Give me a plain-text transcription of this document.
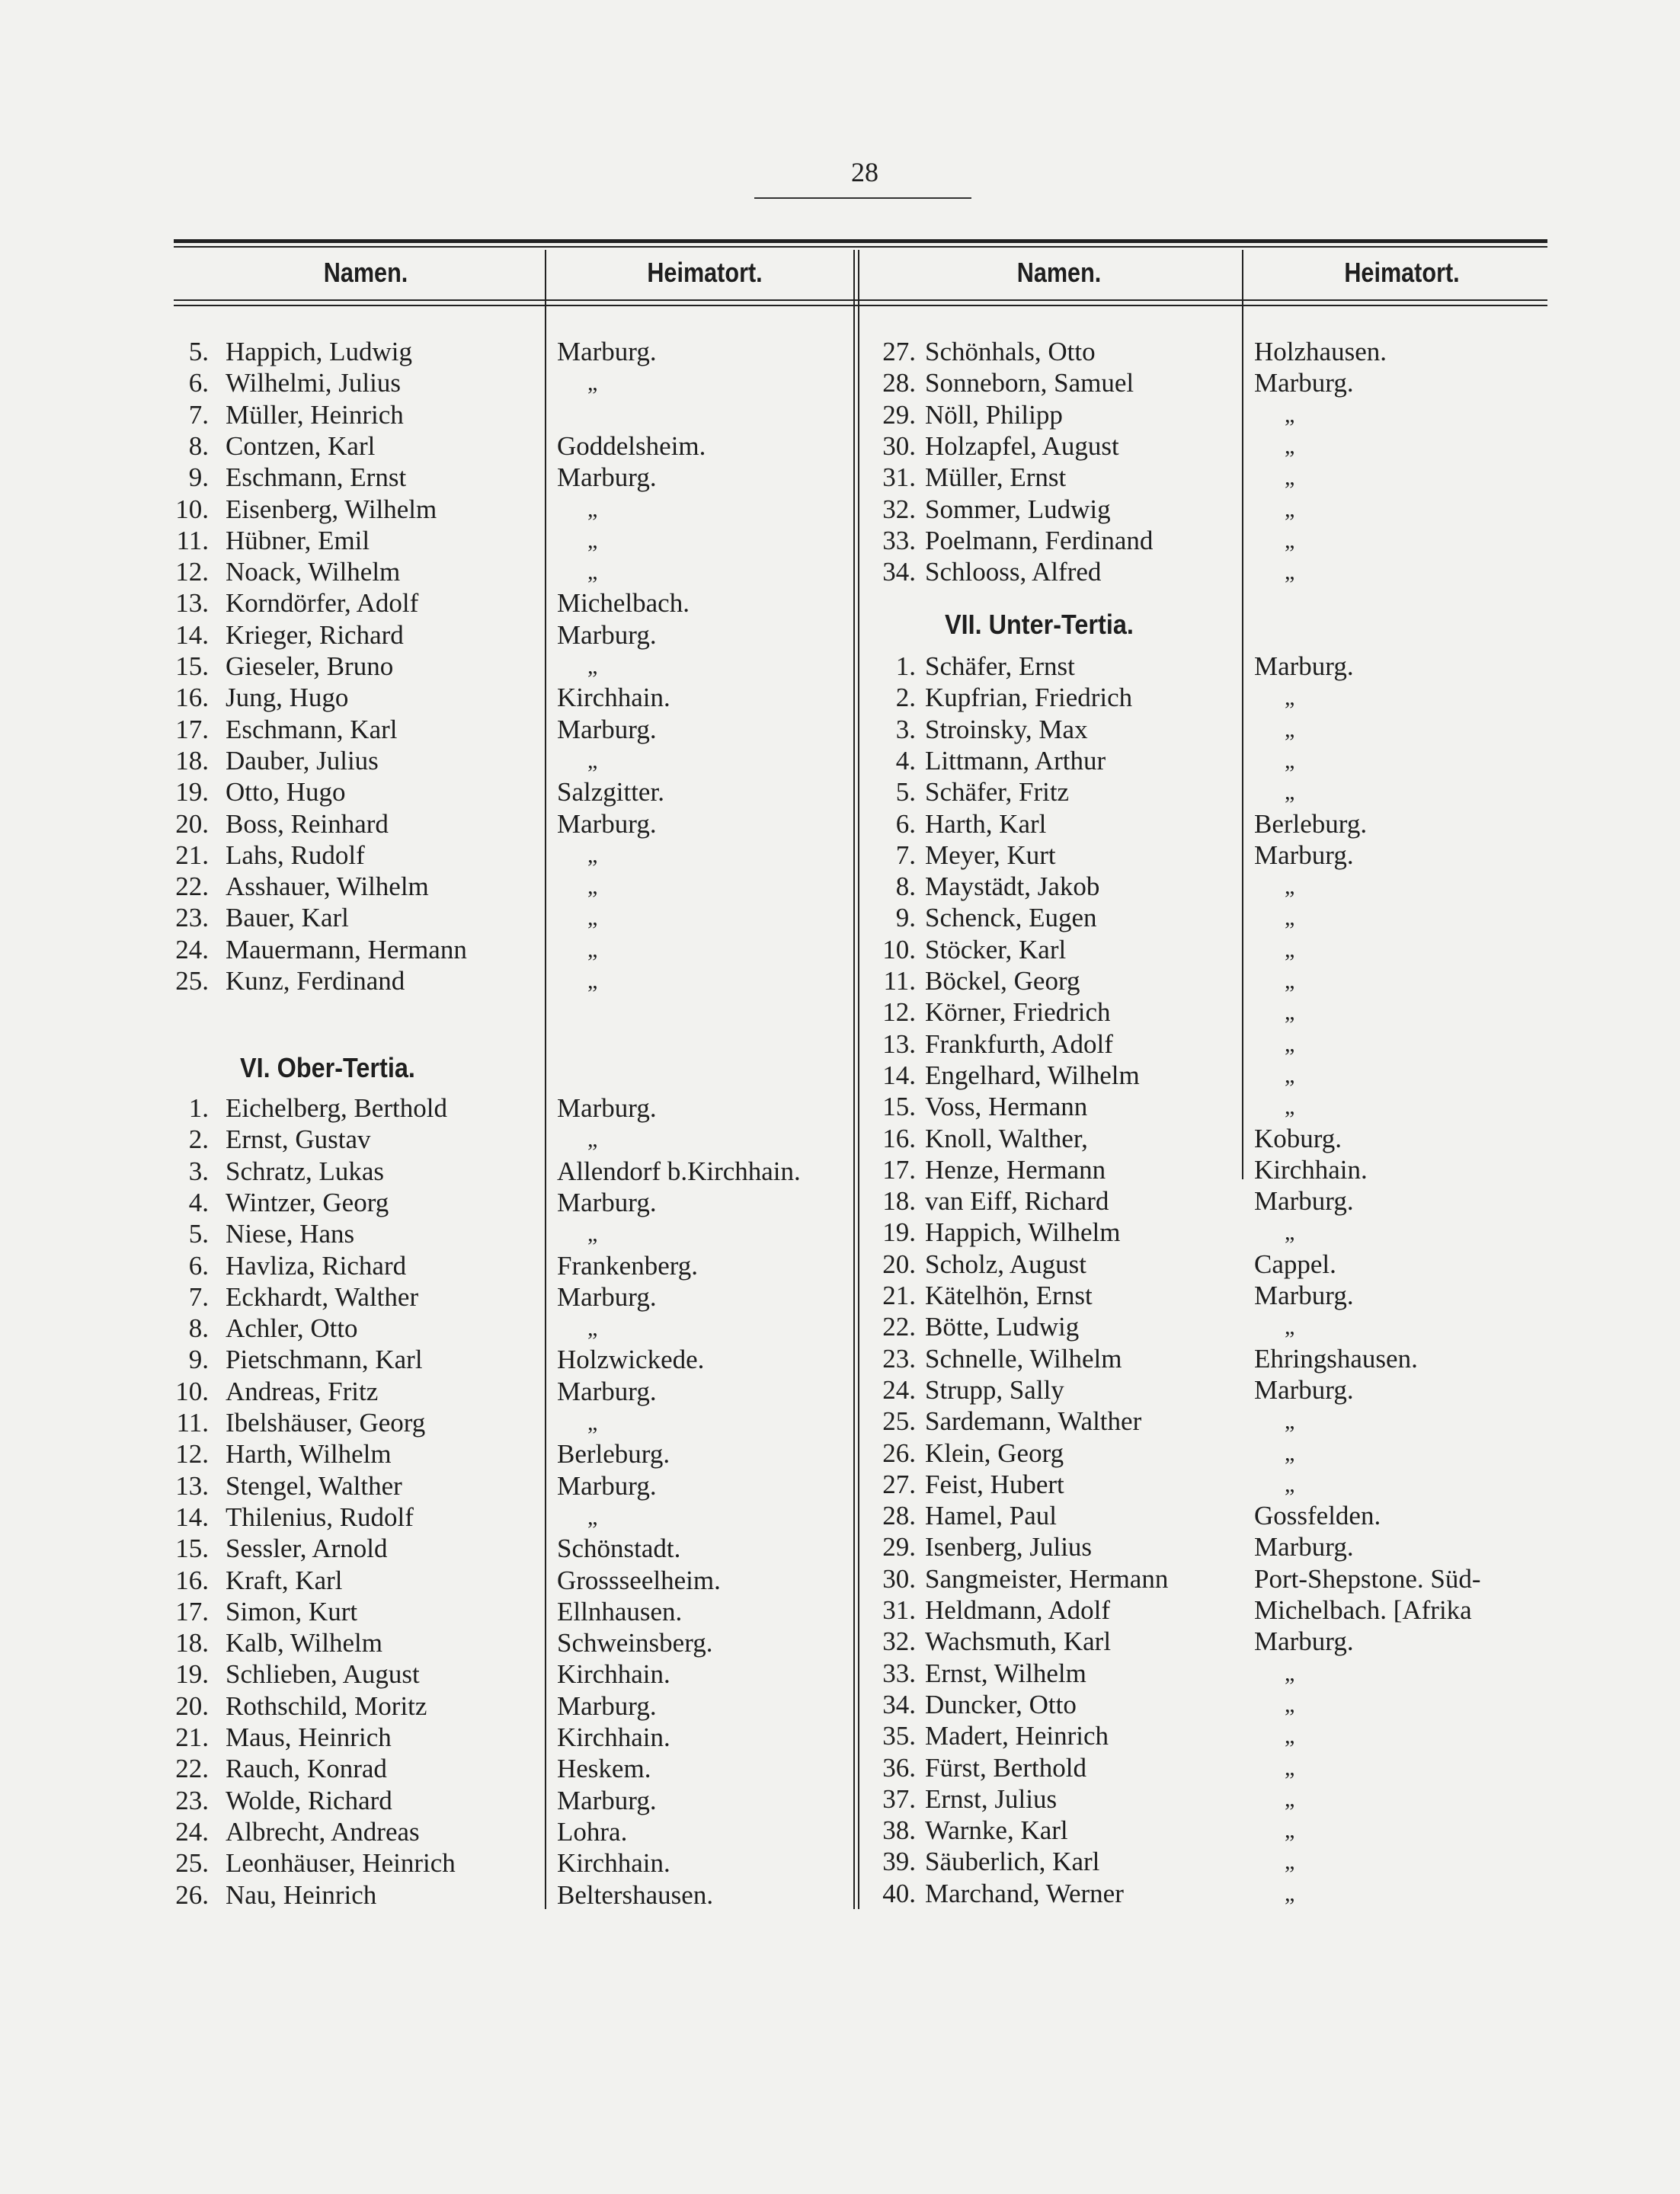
28
Namen.	Heimatort.	Namen.	Heimatort.
5. Happich, Ludwig	Marburg.
6. Wilhelmi, Julius	„
7. Müller, Heinrich
8. Contzen, Karl	Goddelsheim.
9. Eschmann, Ernst	Marburg.
10. Eisenberg, Wilhelm	„
11. Hübner, Emil	„
12. Noack, Wilhelm	„
13. Korndörfer, Adolf	Michelbach.
14. Krieger, Richard	Marburg.
15. Gieseler, Bruno	„
16. Jung, Hugo	Kirchhain.
17. Eschmann, Karl	Marburg.
18. Dauber, Julius	„
19. Otto, Hugo	Salzgitter.
20. Boss, Reinhard	Marburg.
21. Lahs, Rudolf	„
22. Asshauer, Wilhelm	„
23. Bauer, Karl	„
24. Mauermann, Hermann	„
25. Kunz, Ferdinand	„
VI. Ober-Tertia.
1. Eichelberg, Berthold	Marburg.
2. Ernst, Gustav	„
3. Schratz, Lukas	Allendorf b.Kirchhain.
4. Wintzer, Georg	Marburg.
5. Niese, Hans	„
6. Havliza, Richard	Frankenberg.
7. Eckhardt, Walther	Marburg.
8. Achler, Otto	„
9. Pietschmann, Karl	Holzwickede.
10. Andreas, Fritz	Marburg.
11. Ibelshäuser, Georg	„
12. Harth, Wilhelm	Berleburg.
13. Stengel, Walther	Marburg.
14. Thilenius, Rudolf	„
15. Sessler, Arnold	Schönstadt.
16. Kraft, Karl	Grossseelheim.
17. Simon, Kurt	Ellnhausen.
18. Kalb, Wilhelm	Schweinsberg.
19. Schlieben, August	Kirchhain.
20. Rothschild, Moritz	Marburg.
21. Maus, Heinrich	Kirchhain.
22. Rauch, Konrad	Heskem.
23. Wolde, Richard	Marburg.
24. Albrecht, Andreas	Lohra.
25. Leonhäuser, Heinrich	Kirchhain.
26. Nau, Heinrich	Beltershausen.
27. Schönhals, Otto	Holzhausen.
28. Sonneborn, Samuel	Marburg.
29. Nöll, Philipp	„
30. Holzapfel, August	„
31. Müller, Ernst	„
32. Sommer, Ludwig	„
33. Poelmann, Ferdinand	„
34. Schlooss, Alfred	„
VII. Unter-Tertia.
1. Schäfer, Ernst	Marburg.
2. Kupfrian, Friedrich	„
3. Stroinsky, Max	„
4. Littmann, Arthur	„
5. Schäfer, Fritz	„
6. Harth, Karl	Berleburg.
7. Meyer, Kurt	Marburg.
8. Maystädt, Jakob	„
9. Schenck, Eugen	„
10. Stöcker, Karl	„
11. Böckel, Georg	„
12. Körner, Friedrich	„
13. Frankfurth, Adolf	„
14. Engelhard, Wilhelm	„
15. Voss, Hermann	„
16. Knoll, Walther,	Koburg.
17. Henze, Hermann	Kirchhain.
18. van Eiff, Richard	Marburg.
19. Happich, Wilhelm	„
20. Scholz, August	Cappel.
21. Kätelhön, Ernst	Marburg.
22. Bötte, Ludwig	„
23. Schnelle, Wilhelm	Ehringshausen.
24. Strupp, Sally	Marburg.
25. Sardemann, Walther	„
26. Klein, Georg	„
27. Feist, Hubert	„
28. Hamel, Paul	Gossfelden.
29. Isenberg, Julius	Marburg.
30. Sangmeister, Hermann	Port-Shepstone. Süd-
31. Heldmann, Adolf	Michelbach. [Afrika
32. Wachsmuth, Karl	Marburg.
33. Ernst, Wilhelm	„
34. Duncker, Otto	„
35. Madert, Heinrich	„
36. Fürst, Berthold	„
37. Ernst, Julius	„
38. Warnke, Karl	„
39. Säuberlich, Karl	„
40. Marchand, Werner	„
